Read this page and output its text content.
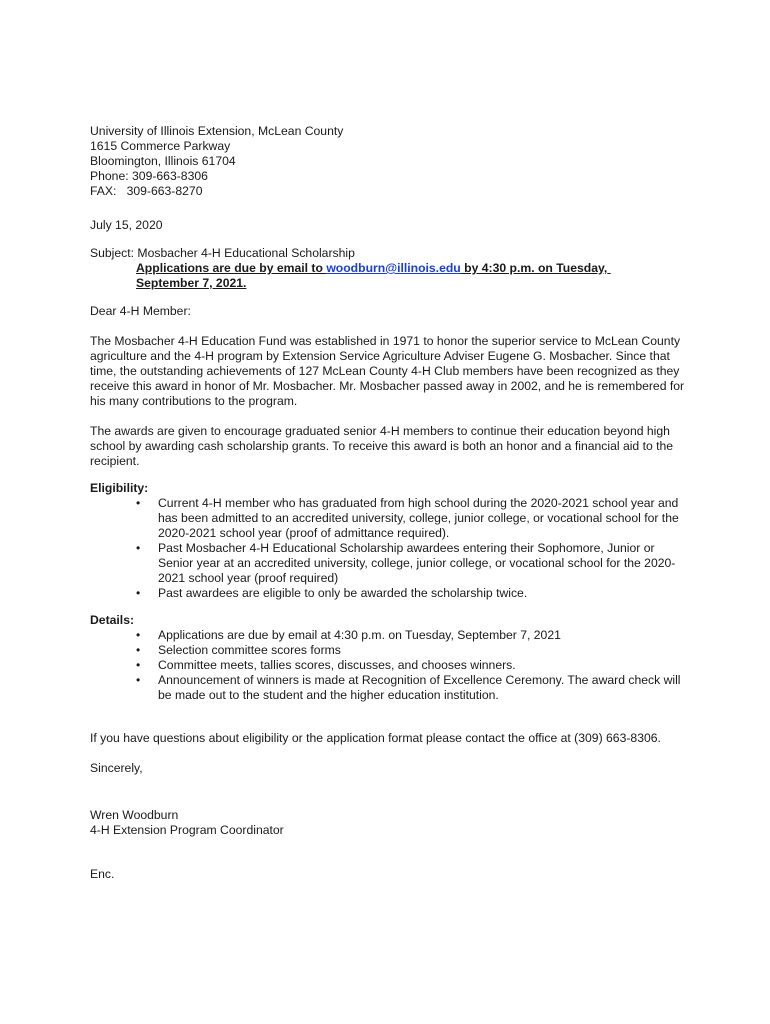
University of Illinois Extension, McLean County
1615 Commerce Parkway
Bloomington, Illinois 61704
Phone: 309-663-8306
FAX:   309-663-8270
July 15, 2020
Subject: Mosbacher 4-H Educational Scholarship
Applications are due by email to woodburn@illinois.edu by 4:30 p.m. on Tuesday, September 7, 2021.
Dear 4-H Member:
The Mosbacher 4-H Education Fund was established in 1971 to honor the superior service to McLean County agriculture and the 4-H program by Extension Service Agriculture Adviser Eugene G. Mosbacher. Since that time, the outstanding achievements of 127 McLean County 4-H Club members have been recognized as they receive this award in honor of Mr. Mosbacher. Mr. Mosbacher passed away in 2002, and he is remembered for his many contributions to the program.
The awards are given to encourage graduated senior 4-H members to continue their education beyond high school by awarding cash scholarship grants. To receive this award is both an honor and a financial aid to the recipient.
Eligibility:
• Current 4-H member who has graduated from high school during the 2020-2021 school year and has been admitted to an accredited university, college, junior college, or vocational school for the 2020-2021 school year (proof of admittance required).
• Past Mosbacher 4-H Educational Scholarship awardees entering their Sophomore, Junior or Senior year at an accredited university, college, junior college, or vocational school for the 2020-2021 school year (proof required)
• Past awardees are eligible to only be awarded the scholarship twice.
Details:
• Applications are due by email at 4:30 p.m. on Tuesday, September 7, 2021
• Selection committee scores forms
• Committee meets, tallies scores, discusses, and chooses winners.
• Announcement of winners is made at Recognition of Excellence Ceremony. The award check will be made out to the student and the higher education institution.
If you have questions about eligibility or the application format please contact the office at (309) 663-8306.
Sincerely,
Wren Woodburn
4-H Extension Program Coordinator
Enc.
